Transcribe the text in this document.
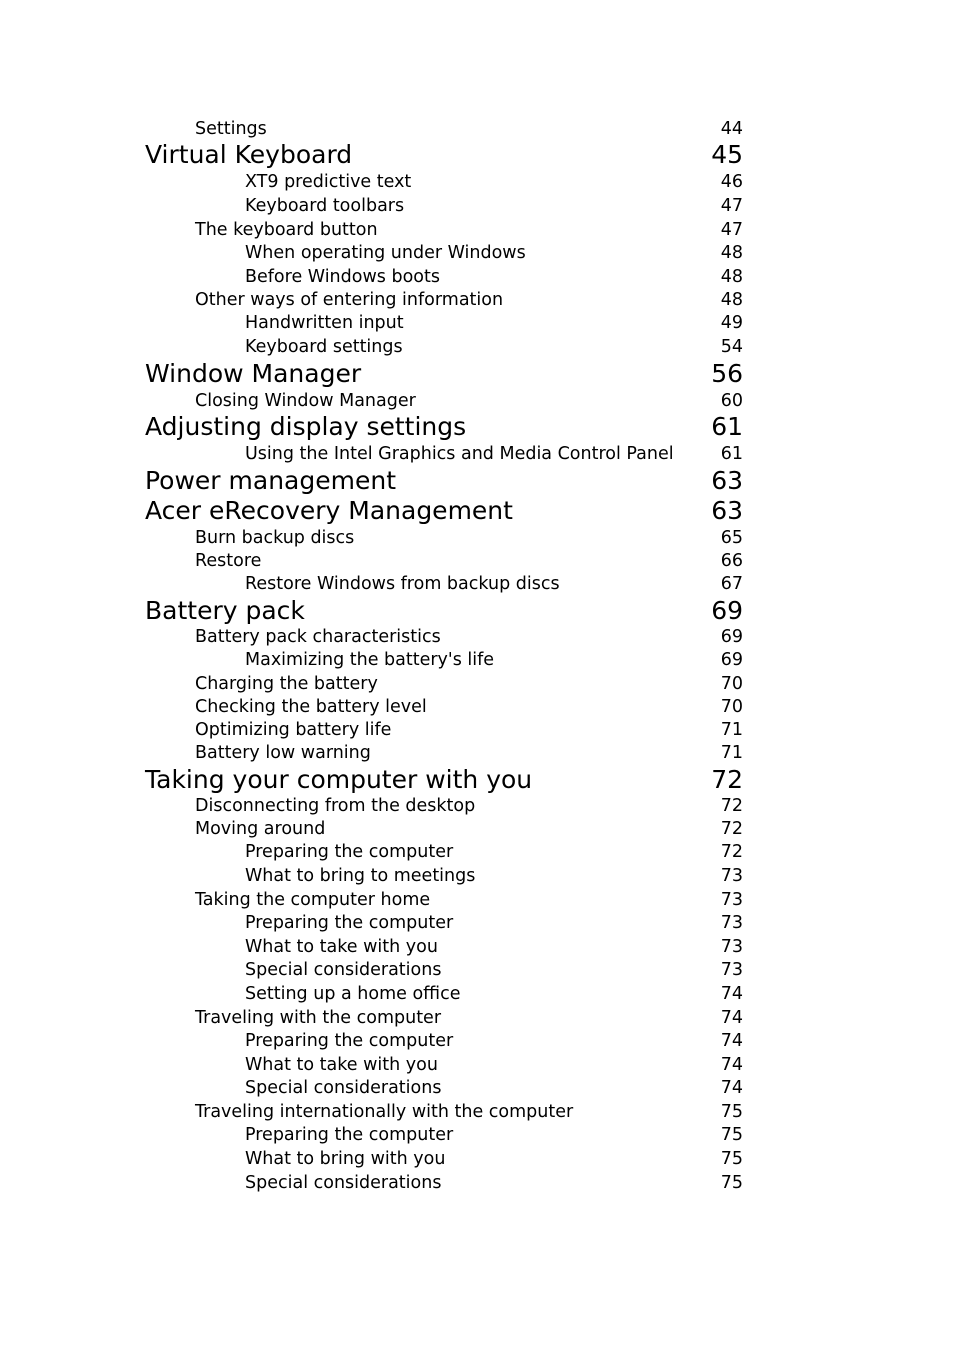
Settings	44
Virtual Keyboard	45
XT9 predictive text	46
Keyboard toolbars	47
The keyboard button	47
When operating under Windows	48
Before Windows boots	48
Other ways of entering information	48
Handwritten input	49
Keyboard settings	54
Window Manager	56
Closing Window Manager	60
Adjusting display settings	61
Using the Intel Graphics and Media Control Panel	61
Power management	63
Acer eRecovery Management	63
Burn backup discs	65
Restore	66
Restore Windows from backup discs	67
Battery pack	69
Battery pack characteristics	69
Maximizing the battery's life	69
Charging the battery	70
Checking the battery level	70
Optimizing battery life	71
Battery low warning	71
Taking your computer with you	72
Disconnecting from the desktop	72
Moving around	72
Preparing the computer	72
What to bring to meetings	73
Taking the computer home	73
Preparing the computer	73
What to take with you	73
Special considerations	73
Setting up a home office	74
Traveling with the computer	74
Preparing the computer	74
What to take with you	74
Special considerations	74
Traveling internationally with the computer	75
Preparing the computer	75
What to bring with you	75
Special considerations	75
